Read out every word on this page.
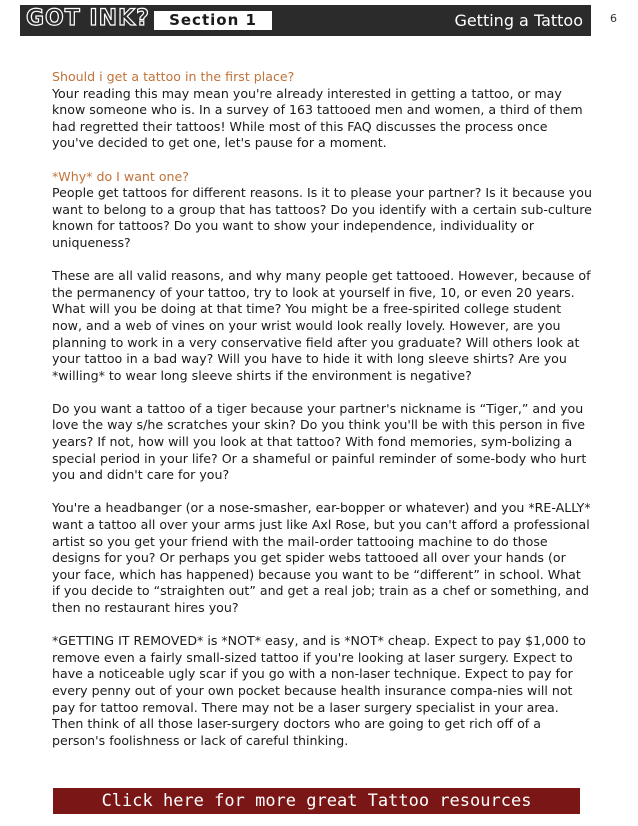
GOT INK?	Section 1	Getting a Tattoo 6

Should i get a tattoo in the first place?
Your reading this may mean you're already interested in getting a tattoo, or may know someone who is. In a survey of 163 tattooed men and women, a third of them had regretted their tattoos! While most of this FAQ discusses the process once you've decided to get one, let's pause for a moment.

*Why* do I want one?
People get tattoos for different reasons. Is it to please your partner? Is it because you want to belong to a group that has tattoos? Do you identify with a certain sub-culture known for tattoos? Do you want to show your independence, individuality or uniqueness?

These are all valid reasons, and why many people get tattooed. However, because of the permanency of your tattoo, try to look at yourself in five, 10, or even 20 years. What will you be doing at that time? You might be a free-spirited college student now, and a web of vines on your wrist would look really lovely. However, are you planning to work in a very conservative field after you graduate? Will others look at your tattoo in a bad way? Will you have to hide it with long sleeve shirts? Are you *willing* to wear long sleeve shirts if the environment is negative?

Do you want a tattoo of a tiger because your partner's nickname is “Tiger,” and you love the way s/he scratches your skin? Do you think you'll be with this person in five years? If not, how will you look at that tattoo? With fond memories, sym-bolizing a special period in your life? Or a shameful or painful reminder of some-body who hurt you and didn't care for you?

You're a headbanger (or a nose-smasher, ear-bopper or whatever) and you *RE-ALLY* want a tattoo all over your arms just like Axl Rose, but you can't afford a professional artist so you get your friend with the mail-order tattooing machine to do those designs for you? Or perhaps you get spider webs tattooed all over your hands (or your face, which has happened) because you want to be “different” in school. What if you decide to “straighten out” and get a real job; train as a chef or something, and then no restaurant hires you?

*GETTING IT REMOVED* is *NOT* easy, and is *NOT* cheap. Expect to pay $1,000 to remove even a fairly small-sized tattoo if you're looking at laser surgery. Expect to have a noticeable ugly scar if you go with a non-laser technique. Expect to pay for every penny out of your own pocket because health insurance compa-nies will not pay for tattoo removal. There may not be a laser surgery specialist in your area. Then think of all those laser-surgery doctors who are going to get rich off of a person's foolishness or lack of careful thinking.

Click here for more great Tattoo resources
